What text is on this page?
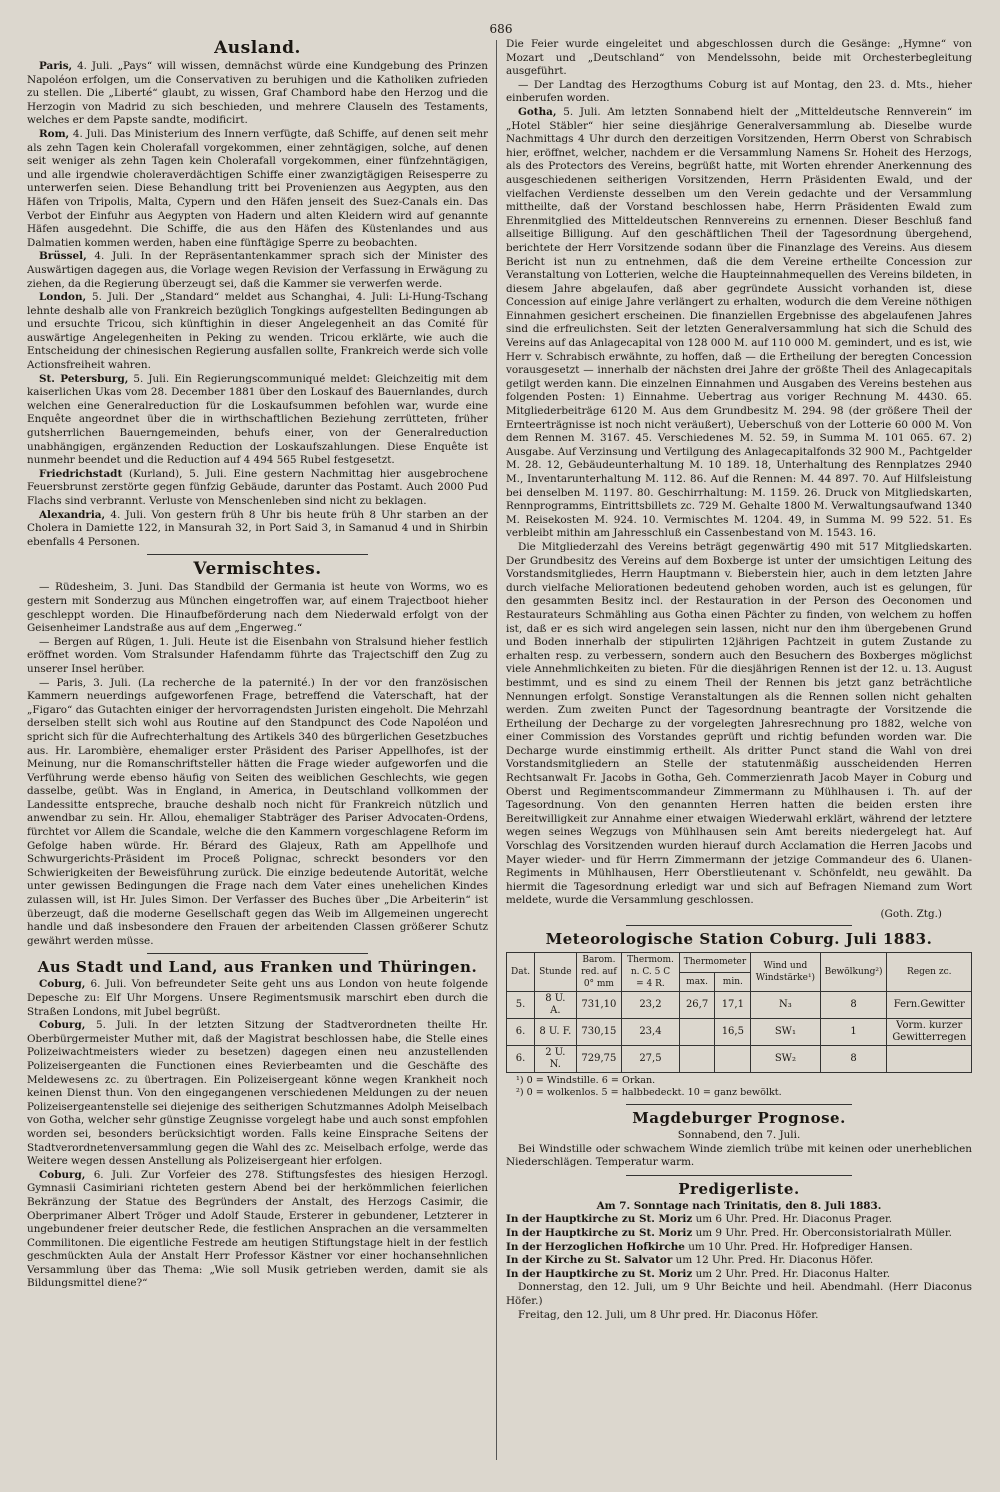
686
Ausland.

Paris, 4. Juli. „Pays“ will wissen, demnächst würde eine Kundgebung des Prinzen Napoléon erfolgen, um die Conservativen zu beruhigen und die Katholiken zufrieden zu stellen. Die „Liberté“ glaubt, zu wissen, Graf Chambord habe den Herzog und die Herzogin von Madrid zu sich beschieden, und mehrere Clauseln des Testaments, welches er dem Papste sandte, modificirt.

Rom, 4. Juli. Das Ministerium des Innern verfügte, daß Schiffe, auf denen seit mehr als zehn Tagen kein Cholerafall vorgekommen, einer zehntägigen, solche, auf denen seit weniger als zehn Tagen kein Cholerafall vorgekommen, einer fünfzehntägigen, und alle irgendwie choleraverdächtigen Schiffe einer zwanzigtägigen Reisesperre zu unterwerfen seien. Diese Behandlung tritt bei Provenienzen aus Aegypten, aus den Häfen von Tripolis, Malta, Cypern und den Häfen jenseit des Suez-Canals ein. Das Verbot der Einfuhr aus Aegypten von Hadern und alten Kleidern wird auf genannte Häfen ausgedehnt. Die Schiffe, die aus den Häfen des Küstenlandes und aus Dalmatien kommen werden, haben eine fünftägige Sperre zu beobachten.

Brüssel, 4. Juli. In der Repräsentantenkammer sprach sich der Minister des Auswärtigen dagegen aus, die Vorlage wegen Revision der Verfassung in Erwägung zu ziehen, da die Regierung überzeugt sei, daß die Kammer sie verwerfen werde.

London, 5. Juli. Der „Standard“ meldet aus Schanghai, 4. Juli: Li-Hung-Tschang lehnte deshalb alle von Frankreich bezüglich Tongkings aufgestellten Bedingungen ab und ersuchte Tricou, sich künftighin in dieser Angelegenheit an das Comité für auswärtige Angelegenheiten in Peking zu wenden. Tricou erklärte, wie auch die Entscheidung der chinesischen Regierung ausfallen sollte, Frankreich werde sich volle Actionsfreiheit wahren.

St. Petersburg, 5. Juli. Ein Regierungscommuniqué meldet: Gleichzeitig mit dem kaiserlichen Ukas vom 28. December 1881 über den Loskauf des Bauernlandes, durch welchen eine Generalreduction für die Loskaufsummen befohlen war, wurde eine Enquête angeordnet über die in wirthschaftlichen Beziehung zerrütteten, früher gutsherrlichen Bauerngemeinden, behufs einer, von der Generalreduction unabhängigen, ergänzenden Reduction der Loskaufszahlungen. Diese Enquête ist nunmehr beendet und die Reduction auf 4 494 565 Rubel festgesetzt.

Friedrichstadt (Kurland), 5. Juli. Eine gestern Nachmittag hier ausgebrochene Feuersbrunst zerstörte gegen fünfzig Gebäude, darunter das Postamt. Auch 2000 Pud Flachs sind verbrannt. Verluste von Menschenleben sind nicht zu beklagen.

Alexandria, 4. Juli. Von gestern früh 8 Uhr bis heute früh 8 Uhr starben an der Cholera in Damiette 122, in Mansurah 32, in Port Said 3, in Samanud 4 und in Shirbin ebenfalls 4 Personen.

Vermischtes.

— Rüdesheim, 3. Juni. Das Standbild der Germania ist heute von Worms, wo es gestern mit Sonderzug aus München eingetroffen war, auf einem Trajectboot hieher geschleppt worden. Die Hinaufbeförderung nach dem Niederwald erfolgt von der Geisenheimer Landstraße aus auf dem „Engerweg.“

— Bergen auf Rügen, 1. Juli. Heute ist die Eisenbahn von Stralsund hieher festlich eröffnet worden. Vom Stralsunder Hafendamm führte das Trajectschiff den Zug zu unserer Insel herüber.

— Paris, 3. Juli. (La recherche de la paternité.) In der vor den französischen Kammern neuerdings aufgeworfenen Frage, betreffend die Vaterschaft, hat der „Figaro“ das Gutachten einiger der hervorragendsten Juristen eingeholt. Die Mehrzahl derselben stellt sich wohl aus Routine auf den Standpunct des Code Napoléon und spricht sich für die Aufrechterhaltung des Artikels 340 des bürgerlichen Gesetzbuches aus. Hr. Larombière, ehemaliger erster Präsident des Pariser Appellhofes, ist der Meinung, nur die Romanschriftsteller hätten die Frage wieder aufgeworfen und die Verführung werde ebenso häufig von Seiten des weiblichen Geschlechts, wie gegen dasselbe, geübt. Was in England, in America, in Deutschland vollkommen der Landessitte entspreche, brauche deshalb noch nicht für Frankreich nützlich und anwendbar zu sein. Hr. Allou, ehemaliger Stabträger des Pariser Advocaten-Ordens, fürchtet vor Allem die Scandale, welche die den Kammern vorgeschlagene Reform im Gefolge haben würde. Hr. Bérard des Glajeux, Rath am Appellhofe und Schwurgerichts-Präsident im Proceß Polignac, schreckt besonders vor den Schwierigkeiten der Beweisführung zurück. Die einzige bedeutende Autorität, welche unter gewissen Bedingungen die Frage nach dem Vater eines unehelichen Kindes zulassen will, ist Hr. Jules Simon. Der Verfasser des Buches über „Die Arbeiterin“ ist überzeugt, daß die moderne Gesellschaft gegen das Weib im Allgemeinen ungerecht handle und daß insbesondere den Frauen der arbeitenden Classen größerer Schutz gewährt werden müsse.

Aus Stadt und Land, aus Franken und Thüringen.

Coburg, 6. Juli. Von befreundeter Seite geht uns aus London von heute folgende Depesche zu: Elf Uhr Morgens. Unsere Regimentsmusik marschirt eben durch die Straßen Londons, mit Jubel begrüßt.

Coburg, 5. Juli. In der letzten Sitzung der Stadtverordneten theilte Hr. Oberbürgermeister Muther mit, daß der Magistrat beschlossen habe, die Stelle eines Polizeiwachtmeisters wieder zu besetzen) dagegen einen neu anzustellenden Polizeisergeanten die Functionen eines Revierbeamten und die Geschäfte des Meldewesens zc. zu übertragen. Ein Polizeisergeant könne wegen Krankheit noch keinen Dienst thun. Von den eingegangenen verschiedenen Meldungen zu der neuen Polizeisergeantenstelle sei diejenige des seitherigen Schutzmannes Adolph Meiselbach von Gotha, welcher sehr günstige Zeugnisse vorgelegt habe und auch sonst empfohlen worden sei, besonders berücksichtigt worden. Falls keine Einsprache Seitens der Stadtverordnetenversammlung gegen die Wahl des zc. Meiselbach erfolge, werde das Weitere wegen dessen Anstellung als Polizeisergeant hier erfolgen.

Coburg, 6. Juli. Zur Vorfeier des 278. Stiftungsfestes des hiesigen Herzogl. Gymnasii Casimiriani richteten gestern Abend bei der herkömmlichen feierlichen Bekränzung der Statue des Begründers der Anstalt, des Herzogs Casimir, die Oberprimaner Albert Tröger und Adolf Staude, Ersterer in gebundener, Letzterer in ungebundener freier deutscher Rede, die festlichen Ansprachen an die versammelten Commilitonen. Die eigentliche Festrede am heutigen Stiftungstage hielt in der festlich geschmückten Aula der Anstalt Herr Professor Kästner vor einer hochansehnlichen Versammlung über das Thema: „Wie soll Musik getrieben werden, damit sie als Bildungsmittel diene?“

Die Feier wurde eingeleitet und abgeschlossen durch die Gesänge: „Hymne“ von Mozart und „Deutschland“ von Mendelssohn, beide mit Orchesterbegleitung ausgeführt.

— Der Landtag des Herzogthums Coburg ist auf Montag, den 23. d. Mts., hieher einberufen worden.

Gotha, 5. Juli. Am letzten Sonnabend hielt der „Mitteldeutsche Rennverein“ im „Hotel Stäbler“ hier seine diesjährige Generalversammlung ab. Dieselbe wurde Nachmittags 4 Uhr durch den derzeitigen Vorsitzenden, Herrn Oberst von Schrabisch hier, eröffnet, welcher, nachdem er die Versammlung Namens Sr. Hoheit des Herzogs, als des Protectors des Vereins, begrüßt hatte, mit Worten ehrender Anerkennung des ausgeschiedenen seitherigen Vorsitzenden, Herrn Präsidenten Ewald, und der vielfachen Verdienste desselben um den Verein gedachte und der Versammlung mittheilte, daß der Vorstand beschlossen habe, Herrn Präsidenten Ewald zum Ehrenmitglied des Mitteldeutschen Rennvereins zu ernennen. Dieser Beschluß fand allseitige Billigung. Auf den geschäftlichen Theil der Tagesordnung übergehend, berichtete der Herr Vorsitzende sodann über die Finanzlage des Vereins. Aus diesem Bericht ist nun zu entnehmen, daß die dem Vereine ertheilte Concession zur Veranstaltung von Lotterien, welche die Haupteinnahmequellen des Vereins bildeten, in diesem Jahre abgelaufen, daß aber gegründete Aussicht vorhanden ist, diese Concession auf einige Jahre verlängert zu erhalten, wodurch die dem Vereine nöthigen Einnahmen gesichert erscheinen. Die finanziellen Ergebnisse des abgelaufenen Jahres sind die erfreulichsten. Seit der letzten Generalversammlung hat sich die Schuld des Vereins auf das Anlagecapital von 128 000 M. auf 110 000 M. gemindert, und es ist, wie Herr v. Schrabisch erwähnte, zu hoffen, daß — die Ertheilung der beregten Concession vorausgesetzt — innerhalb der nächsten drei Jahre der größte Theil des Anlagecapitals getilgt werden kann. Die einzelnen Einnahmen und Ausgaben des Vereins bestehen aus folgenden Posten: 1) Einnahme. Uebertrag aus voriger Rechnung M. 4430. 65. Mitgliederbeiträge 6120 M. Aus dem Grundbesitz M. 294. 98 (der größere Theil der Ernteerträgnisse ist noch nicht veräußert), Ueberschuß von der Lotterie 60 000 M. Von dem Rennen M. 3167. 45. Verschiedenes M. 52. 59, in Summa M. 101 065. 67. 2) Ausgabe. Auf Verzinsung und Vertilgung des Anlagecapitalfonds 32 900 M., Pachtgelder M. 28. 12, Gebäudeunterhaltung M. 10 189. 18, Unterhaltung des Rennplatzes 2940 M., Inventarunterhaltung M. 112. 86. Auf die Rennen: M. 44 897. 70. Auf Hilfsleistung bei denselben M. 1197. 80. Geschirrhaltung: M. 1159. 26. Druck von Mitgliedskarten, Rennprogramms, Eintrittsbillets zc. 729 M. Gehalte 1800 M. Verwaltungsaufwand 1340 M. Reisekosten M. 924. 10. Vermischtes M. 1204. 49, in Summa M. 99 522. 51. Es verbleibt mithin am Jahresschluß ein Cassenbestand von M. 1543. 16.

Die Mitgliederzahl des Vereins beträgt gegenwärtig 490 mit 517 Mitgliedskarten. Der Grundbesitz des Vereins auf dem Boxberge ist unter der umsichtigen Leitung des Vorstandsmitgliedes, Herrn Hauptmann v. Bieberstein hier, auch in dem letzten Jahre durch vielfache Meliorationen bedeutend gehoben worden, auch ist es gelungen, für den gesammten Besitz incl. der Restauration in der Person des Oeconomen und Restaurateurs Schmähling aus Gotha einen Pächter zu finden, von welchem zu hoffen ist, daß er es sich wird angelegen sein lassen, nicht nur den ihm übergebenen Grund und Boden innerhalb der stipulirten 12jährigen Pachtzeit in gutem Zustande zu erhalten resp. zu verbessern, sondern auch den Besuchern des Boxberges möglichst viele Annehmlichkeiten zu bieten. Für die diesjährigen Rennen ist der 12. u. 13. August bestimmt, und es sind zu einem Theil der Rennen bis jetzt ganz beträchtliche Nennungen erfolgt. Sonstige Veranstaltungen als die Rennen sollen nicht gehalten werden. Zum zweiten Punct der Tagesordnung beantragte der Vorsitzende die Ertheilung der Decharge zu der vorgelegten Jahresrechnung pro 1882, welche von einer Commission des Vorstandes geprüft und richtig befunden worden war. Die Decharge wurde einstimmig ertheilt. Als dritter Punct stand die Wahl von drei Vorstandsmitgliedern an Stelle der statutenmäßig ausscheidenden Herren Rechtsanwalt Fr. Jacobs in Gotha, Geh. Commerzienrath Jacob Mayer in Coburg und Oberst und Regimentscommandeur Zimmermann zu Mühlhausen i. Th. auf der Tagesordnung. Von den genannten Herren hatten die beiden ersten ihre Bereitwilligkeit zur Annahme einer etwaigen Wiederwahl erklärt, während der letztere wegen seines Wegzugs von Mühlhausen sein Amt bereits niedergelegt hat. Auf Vorschlag des Vorsitzenden wurden hierauf durch Acclamation die Herren Jacobs und Mayer wieder- und für Herrn Zimmermann der jetzige Commandeur des 6. Ulanen-Regiments in Mühlhausen, Herr Oberstlieutenant v. Schönfeldt, neu gewählt. Da hiermit die Tagesordnung erledigt war und sich auf Befragen Niemand zum Wort meldete, wurde die Versammlung geschlossen.

(Goth. Ztg.)
Meteorologische Station Coburg. Juli 1883.
Dat.	Stunde	Barom. red. auf 0° mm	Thermom. n. C. 5 C = 4 R.	Thermometer		Wind und Windstärke¹)	Bewölkung²)	Regen zc.
				max.	min.			
5.	8 U. A.	731,10	23,2	26,7	17,1	N₃	8	Fern.Gewitter
6.	8 U. F.	730,15	23,4		16,5	SW₁	1	Vorm. kurzer Gewitterregen
6.	2 U. N.	729,75	27,5			SW₂	8	
¹) 0 = Windstille. 6 = Orkan.
²) 0 = wolkenlos. 5 = halbbedeckt. 10 = ganz bewölkt.
Magdeburger Prognose.

Sonnabend, den 7. Juli.

Bei Windstille oder schwachem Winde ziemlich trübe mit keinen oder unerheblichen Niederschlägen. Temperatur warm.

Predigerliste.

Am 7. Sonntage nach Trinitatis, den 8. Juli 1883.

In der Hauptkirche zu St. Moriz um 6 Uhr. Pred. Hr. Diaconus Prager.

In der Hauptkirche zu St. Moriz um 9 Uhr. Pred. Hr. Oberconsistorialrath Müller.

In der Herzoglichen Hofkirche um 10 Uhr. Pred. Hr. Hofprediger Hansen.

In der Kirche zu St. Salvator um 12 Uhr. Pred. Hr. Diaconus Höfer.

In der Hauptkirche zu St. Moriz um 2 Uhr. Pred. Hr. Diaconus Halter.

Donnerstag, den 12. Juli, um 9 Uhr Beichte und heil. Abendmahl. (Herr Diaconus Höfer.)

Freitag, den 12. Juli, um 8 Uhr pred. Hr. Diaconus Höfer.
